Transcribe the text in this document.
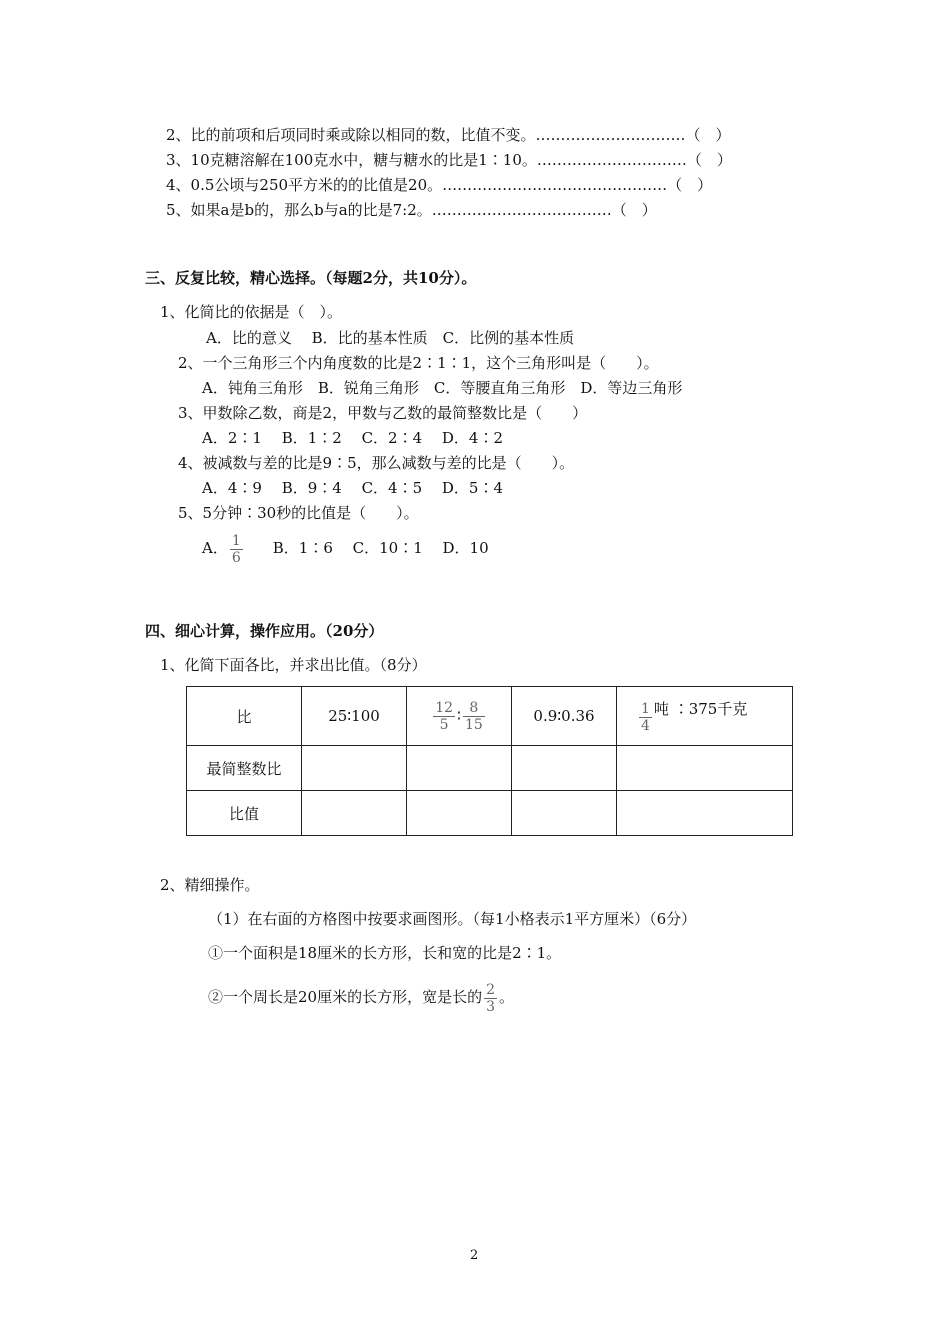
2、比的前项和后项同时乘或除以相同的数，比值不变。…………………………（　）
3、10克糖溶解在100克水中，糖与糖水的比是1∶10。…………………………（　）
4、0.5公顷与250平方米的的比值是20。………………………………………（　）
5、如果a是b的，那么b与a的比是7:2。………………………………（　）
三、反复比较，精心选择。（每题2分，共10分）。
1、化简比的依据是（　）。
A．比的意义　 B．比的基本性质　C．比例的基本性质
2、一个三角形三个内角度数的比是2∶1∶1，这个三角形叫是（　　）。
A．钝角三角形　B．锐角三角形　C．等腰直角三角形　D．等边三角形
3、甲数除乙数，商是2，甲数与乙数的最简整数比是（　　）
A．2∶1　 B．1∶2　 C．2∶4　 D．4∶2
4、被减数与差的比是9∶5，那么减数与差的比是（　　）。
A．4∶9　 B．9∶4　 C．4∶5　 D．5∶4
5、5分钟∶30秒的比值是（　　）。
A． $\frac{1}{6}$ B．1∶6　 C．10∶1　 D．10
四、细心计算，操作应用。（20分）
1、化简下面各比，并求出比值。（8分）
比	25∶100	$\frac{12}{5}$ ∶ $\frac{8}{15}$	0.9∶0.36	$\frac{1}{4}$ 吨 ∶375千克
最简整数比				
比值				
2、精细操作。
（1）在右面的方格图中按要求画图形。（每1小格表示1平方厘米）（6分）
①一个面积是18厘米的长方形，长和宽的比是2∶1。
②一个周长是20厘米的长方形，宽是长的 $\frac{2}{3}$ 。
2
